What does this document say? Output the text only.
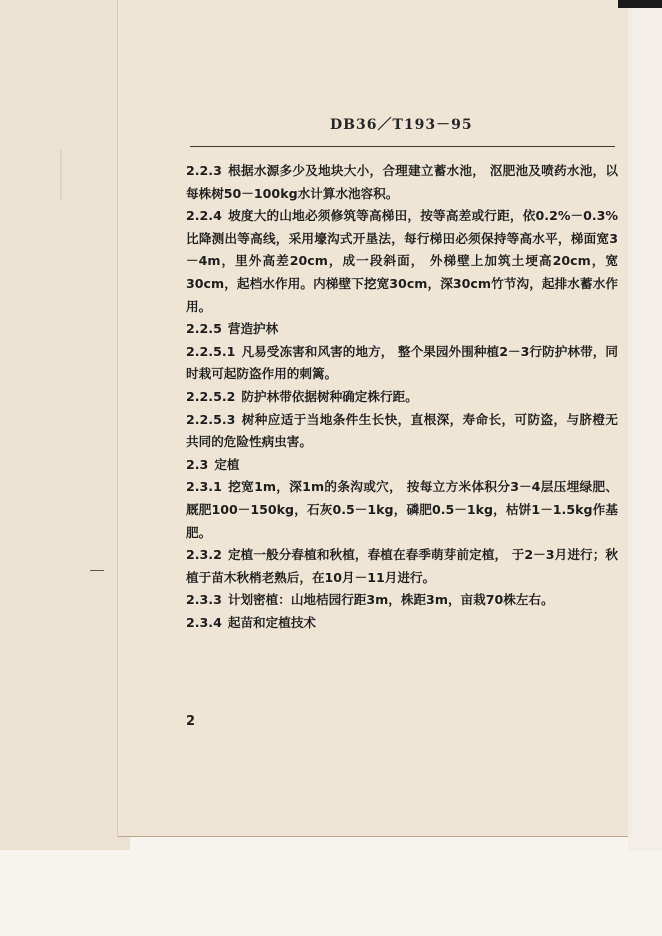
DB36／T193－95

2.2.3 根据水源多少及地块大小，合理建立蓄水池， 沤肥池及喷药水池，以每株树50－100kg水计算水池容积。

2.2.4 坡度大的山地必须修筑等高梯田，按等高差或行距，依0.2%－0.3%比降测出等高线，采用壕沟式开垦法，每行梯田必须保持等高水平，梯面宽3－4m，里外高差20cm，成一段斜面， 外梯壁上加筑土埂高20cm，宽30cm，起档水作用。内梯壁下挖宽30cm，深30cm竹节沟，起排水蓄水作用。

2.2.5 营造护林

2.2.5.1 凡易受冻害和风害的地方， 整个果园外围种植2－3行防护林带，同时栽可起防盗作用的刺篱。

2.2.5.2 防护林带依据树种确定株行距。

2.2.5.3 树种应适于当地条件生长快，直根深，寿命长，可防盗，与脐橙无共同的危险性病虫害。

2.3 定植

2.3.1 挖宽1m，深1m的条沟或穴， 按每立方米体积分3－4层压埋绿肥、厩肥100－150kg，石灰0.5－1kg，磷肥0.5－1kg，枯饼1－1.5kg作基肥。

2.3.2 定植一般分春植和秋植，春植在春季萌芽前定植， 于2－3月进行；秋植于苗木秋梢老熟后，在10月－11月进行。

2.3.3 计划密植：山地桔园行距3m，株距3m，亩栽70株左右。

2.3.4 起苗和定植技术

2
